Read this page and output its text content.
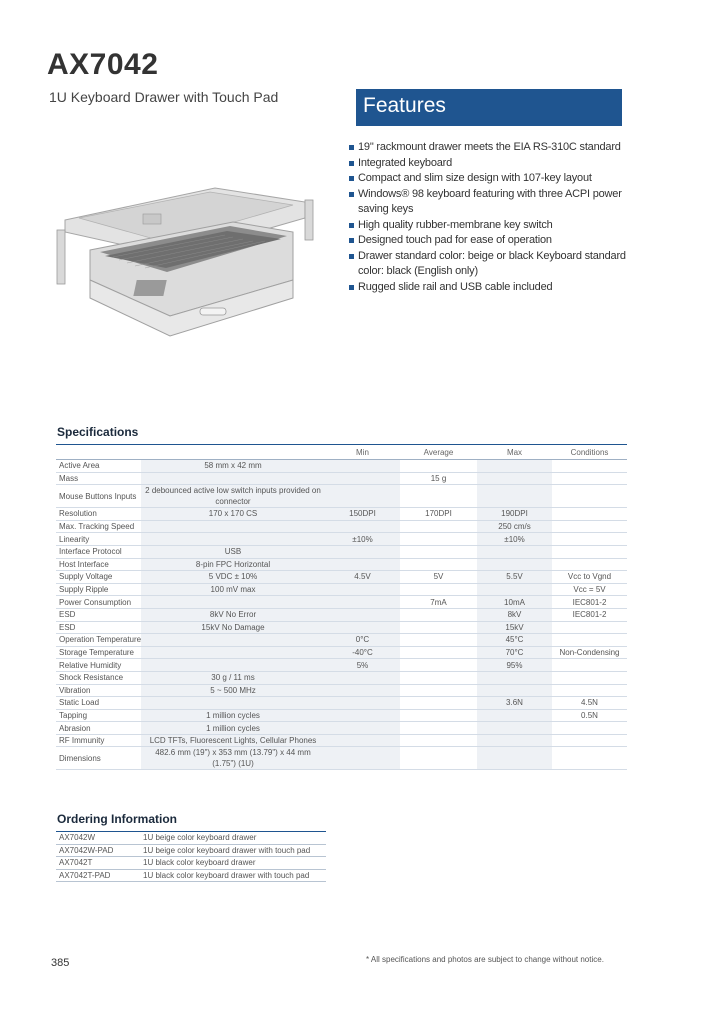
AX7042
1U Keyboard Drawer with Touch Pad	Features
19" rackmount drawer meets the EIA RS-310C standard
Integrated keyboard
Compact and slim size design with 107-key layout
Windows® 98 keyboard featuring with three ACPI power saving keys
High quality rubber-membrane key switch
Designed touch pad for ease of operation
Drawer standard color: beige or black Keyboard standard color: black (English only)
Rugged slide rail and USB cable included
Specifications
		Min	Average	Max	Conditions
Active Area	58 mm x 42 mm				
Mass			15 g		
Mouse Buttons Inputs	2 debounced active low switch inputs provided on connector				
Resolution	170 x 170 CS	150DPI	170DPI	190DPI	
Max. Tracking Speed				250 cm/s	
Linearity		±10%		±10%	
Interface Protocol	USB				
Host Interface	8-pin FPC Horizontal				
Supply Voltage	5 VDC ± 10%	4.5V	5V	5.5V	Vcc to Vgnd
Supply Ripple	100 mV max				Vcc = 5V
Power Consumption			7mA	10mA	IEC801-2
ESD	8kV No Error			8kV	IEC801-2
ESD	15kV No Damage			15kV	
Operation Temperature		0°C		45°C	
Storage Temperature		-40°C		70°C	Non-Condensing
Relative Humidity		5%		95%	
Shock Resistance	30 g / 11 ms				
Vibration	5 ~ 500 MHz				
Static Load				3.6N	4.5N
Tapping	1 million cycles				0.5N
Abrasion	1 million cycles				
RF Immunity	LCD TFTs, Fluorescent Lights, Cellular Phones				
Dimensions	482.6 mm (19") x 353 mm (13.79") x 44 mm (1.75") (1U)				
Ordering Information
AX7042W	1U beige color keyboard drawer
AX7042W-PAD	1U beige color keyboard drawer with touch pad
AX7042T	1U black color keyboard drawer
AX7042T-PAD	1U black color keyboard drawer with touch pad
385	* All specifications and photos are subject to change without notice.
